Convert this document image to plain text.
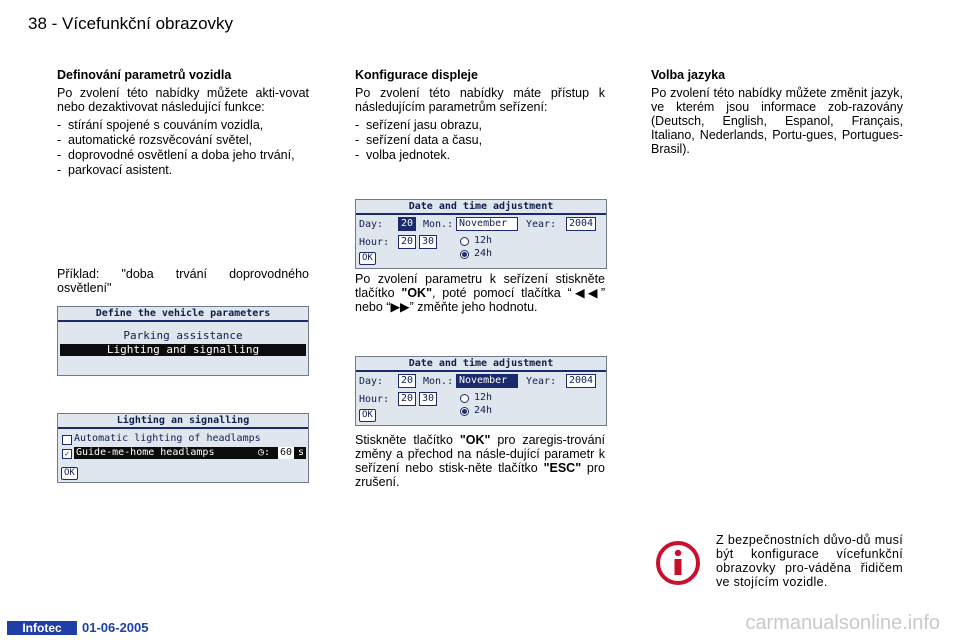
38 - Vícefunkční obrazovky
Definování parametrů vozidla

Po zvolení této nabídky můžete akti-vovat nebo dezaktivovat následující funkce:

- stírání spojené s couváním vozidla,
- automatické rozsvěcování světel,
- doprovodné osvětlení a doba jeho trvání,
- parkovací asistent.
Příklad: "doba trvání doprovodného osvětlení"
Define the vehicle parameters
Parking assistance
Lighting and signalling
Lighting an signalling
Automatic lighting of headlamps
✓ Guide-me-home headlamps	◷: 60 s
OK
Konfigurace displeje

Po zvolení této nabídky máte přístup k následujícím parametrům seřízení:

- seřízení jasu obrazu,
- seřízení data a času,
- volba jednotek.
Date and time adjustment
Day:	20 Mon.: November	Year:	2004
Hour:	20 30	12h
24h
OK
Po zvolení parametru k seřízení stiskněte tlačítko "OK", poté pomocí tlačítka “◀◀” nebo “▶▶” změňte jeho hodnotu.
Date and time adjustment
Day:	20 Mon.: November	Year:	2004
Hour:	20 30	12h
24h
OK
Stiskněte tlačítko "OK" pro zaregis-trování změny a přechod na násle-dující parametr k seřízení nebo stisk-něte tlačítko "ESC" pro zrušení.
Volba jazyka

Po zvolení této nabídky můžete změnit jazyk, ve kterém jsou informace zob-razovány (Deutsch, English, Espanol, Français, Italiano, Nederlands, Portu-gues, Portugues-Brasil).

Z bezpečnostních důvo-dů musí být konfigurace vícefunkční obrazovky pro-váděna řidičem ve stojícím vozidle.
Infotec	01-06-2005	carmanualsonline.info
